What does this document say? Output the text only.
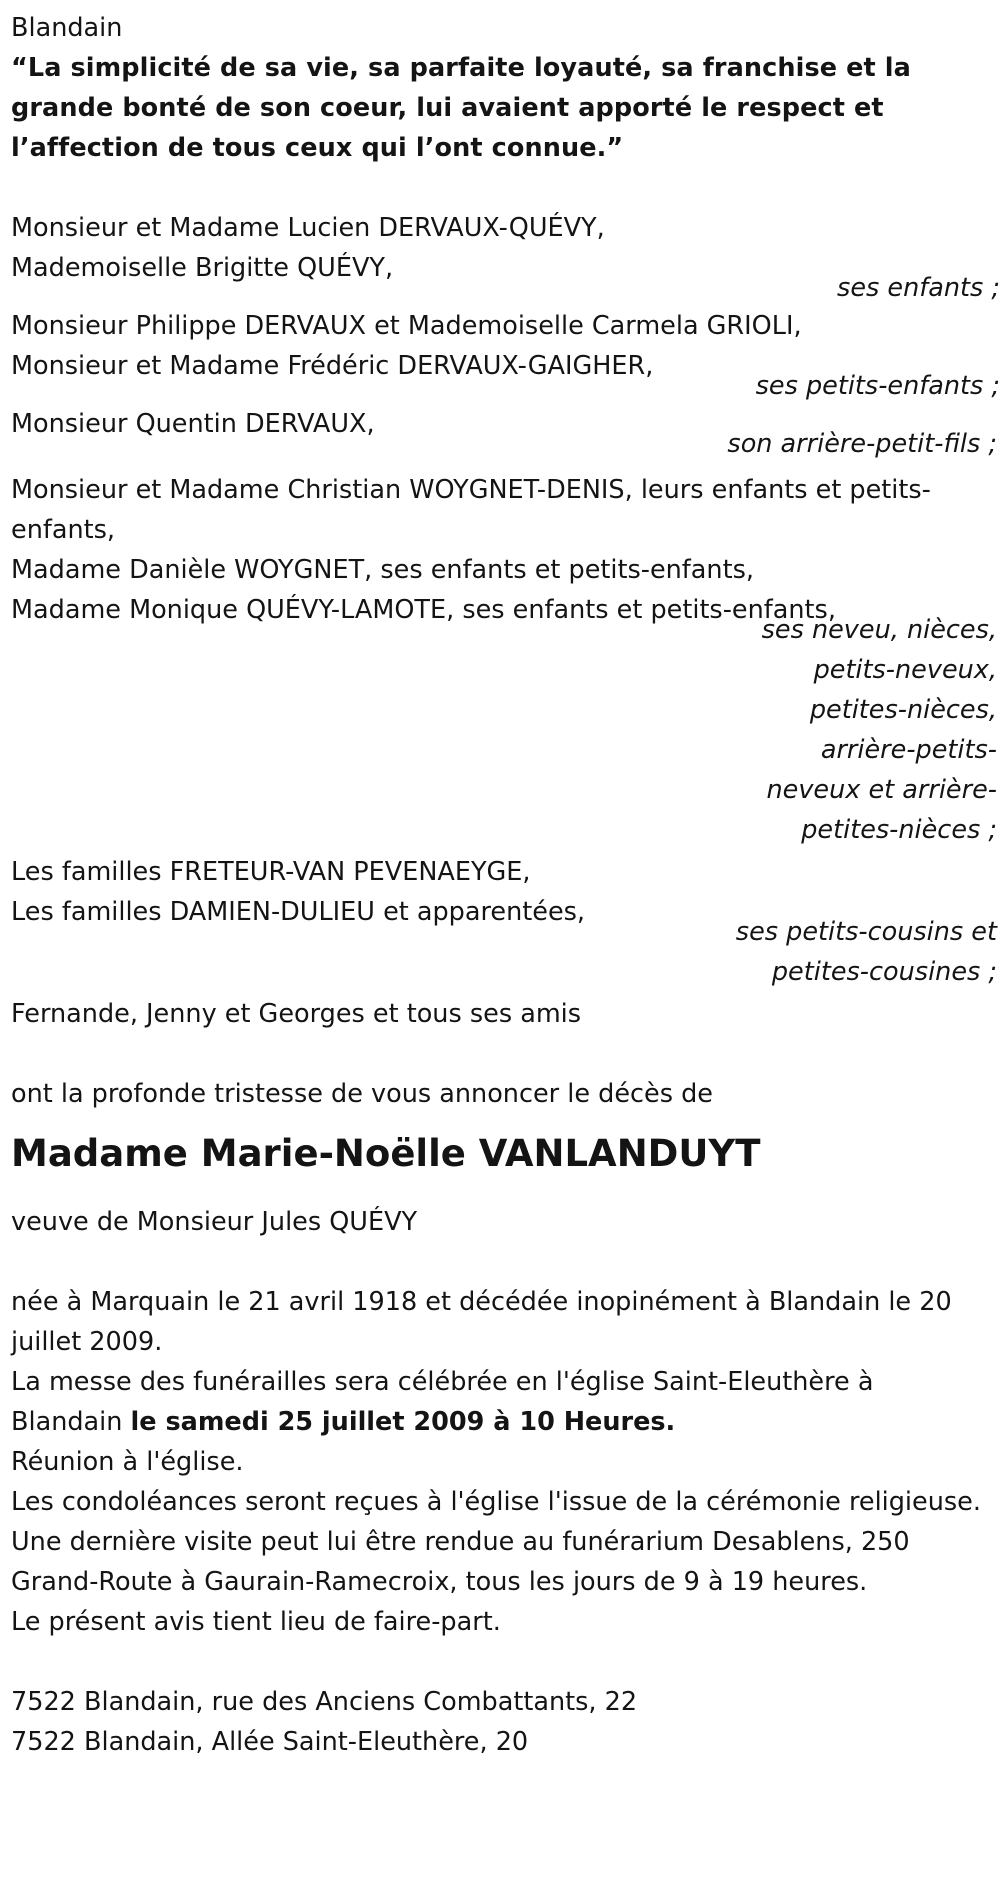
Blandain
“La simplicité de sa vie, sa parfaite loyauté, sa franchise et la grande bonté de son coeur, lui avaient apporté le respect et l’affection de tous ceux qui l’ont connue.”
Monsieur et Madame Lucien DERVAUX-QUÉVY,
Mademoiselle Brigitte QUÉVY,
ses enfants ;
Monsieur Philippe DERVAUX et Mademoiselle Carmela GRIOLI,
Monsieur et Madame Frédéric DERVAUX-GAIGHER,
ses petits-enfants ;
Monsieur Quentin DERVAUX,
son arrière-petit-fils ;
Monsieur et Madame Christian WOYGNET-DENIS, leurs enfants et petits-enfants,
Madame Danièle WOYGNET, ses enfants et petits-enfants,
Madame Monique QUÉVY-LAMOTE, ses enfants et petits-enfants,
ses neveu, nièces, petits-neveux, petites-nièces, arrière-petits-neveux et arrière-petites-nièces ;
Les familles FRETEUR-VAN PEVENAEYGE,
Les familles DAMIEN-DULIEU et apparentées,
ses petits-cousins et petites-cousines ;
Fernande, Jenny et Georges et tous ses amis
ont la profonde tristesse de vous annoncer le décès de
Madame Marie-Noëlle VANLANDUYT
veuve de Monsieur Jules QUÉVY
née à Marquain le 21 avril 1918 et décédée inopinément à Blandain le 20 juillet 2009.
La messe des funérailles sera célébrée en l'église Saint-Eleuthère à Blandain le samedi 25 juillet 2009 à 10 Heures.
Réunion à l'église.
Les condoléances seront reçues à l'église l'issue de la cérémonie religieuse.
Une dernière visite peut lui être rendue au funérarium Desablens, 250 Grand-Route à Gaurain-Ramecroix, tous les jours de 9 à 19 heures.
Le présent avis tient lieu de faire-part.
7522 Blandain, rue des Anciens Combattants, 22
7522 Blandain, Allée Saint-Eleuthère, 20
